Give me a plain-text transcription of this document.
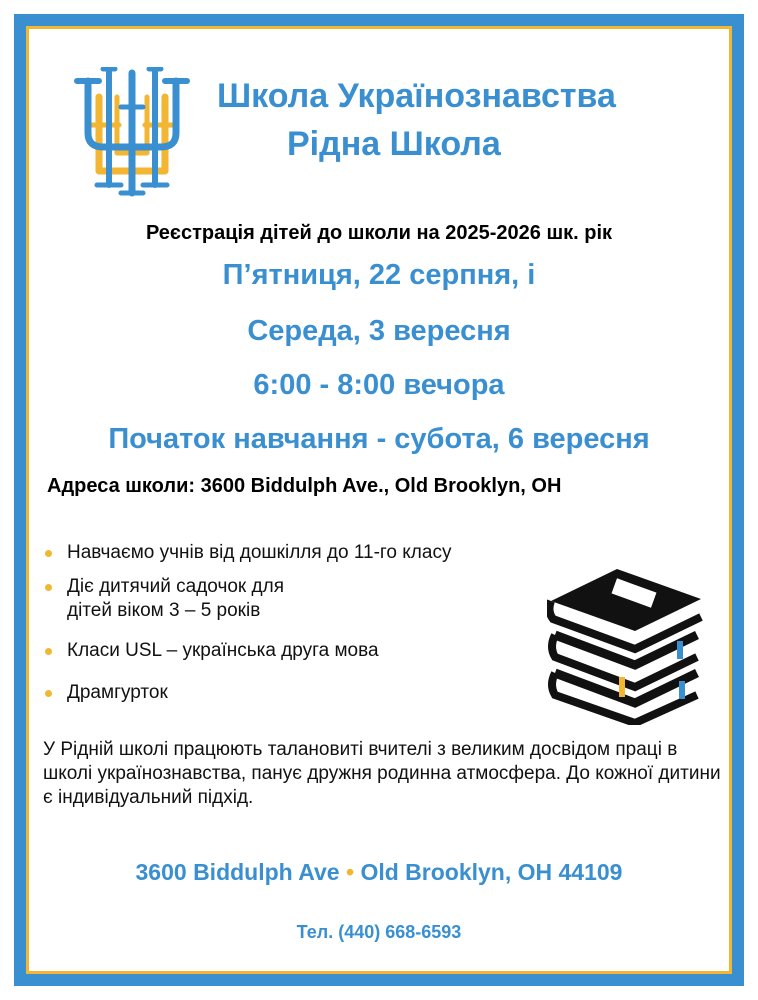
Школа Українознавства
Рідна Школа
Реєстрація дітей до школи на 2025-2026 шк. рік
П’ятниця, 22 серпня, і
Середа, 3 вересня
6:00 - 8:00 вечора
Початок навчання - субота, 6 вересня
Адреса школи: 3600 Biddulph Ave., Old Brooklyn, OH
Навчаємо учнів від дошкілля до 11-го класу
Діє дитячий садочок для дітей віком 3 – 5 років
Класи USL – українська друга мова
Драмгурток
У Рідній школі працюють талановиті вчителі з великим досвідом праці в школі українознавства, панує дружня родинна атмосфера. До кожної дитини є індивідуальний підхід.
3600 Biddulph Ave • Old Brooklyn, OH 44109
Тел. (440) 668-6593
